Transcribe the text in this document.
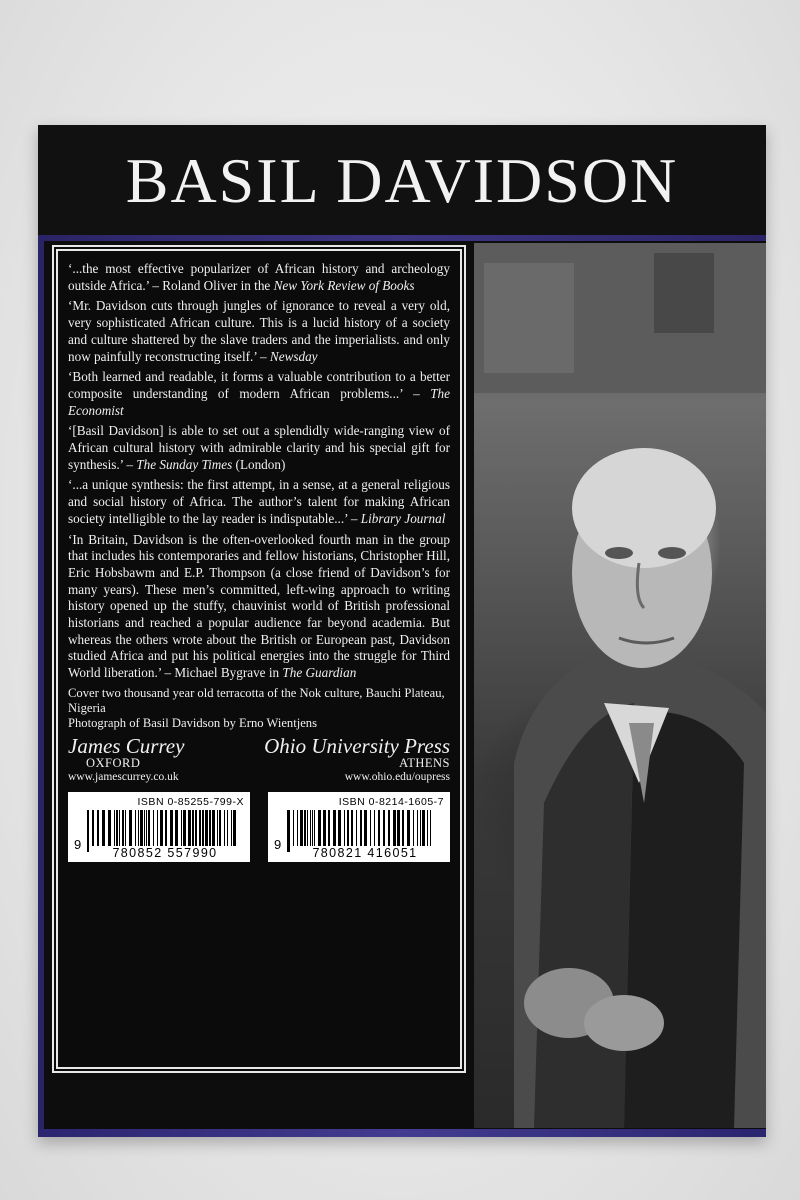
BASIL DAVIDSON

‘...the most effective popularizer of African history and archeology outside Africa.’ – Roland Oliver in the New York Review of Books

‘Mr. Davidson cuts through jungles of ignorance to reveal a very old, very sophisticated African culture. This is a lucid history of a society and culture shattered by the slave traders and the imperialists. and only now painfully reconstructing itself.’ – Newsday

‘Both learned and readable, it forms a valuable contribution to a better composite understanding of modern African problems...’ – The Economist

‘[Basil Davidson] is able to set out a splendidly wide-ranging view of African cultural history with admirable clarity and his special gift for synthesis.’ – The Sunday Times (London)

‘...a unique synthesis: the first attempt, in a sense, at a general religious and social history of Africa. The author’s talent for making African society intelligible to the lay reader is indisputable...’ – Library Journal

‘In Britain, Davidson is the often-overlooked fourth man in the group that includes his contemporaries and fellow historians, Christopher Hill, Eric Hobsbawm and E.P. Thompson (a close friend of Davidson’s for many years). These men’s committed, left-wing approach to writing history opened up the stuffy, chauvinist world of British professional historians and reached a popular audience far beyond academia. But whereas the others wrote about the British or European past, Davidson studied Africa and put his political energies into the struggle for Third World liberation.’ – Michael Bygrave in The Guardian

Cover two thousand year old terracotta of the Nok culture, Bauchi Plateau, Nigeria
Photograph of Basil Davidson by Erno Wientjens
James Currey
OXFORD
www.jamescurrey.co.uk
Ohio University Press
ATHENS
www.ohio.edu/oupress
ISBN 0-85255-799-X
9
780852 557990
ISBN 0-8214-1605-7
9
780821 416051
